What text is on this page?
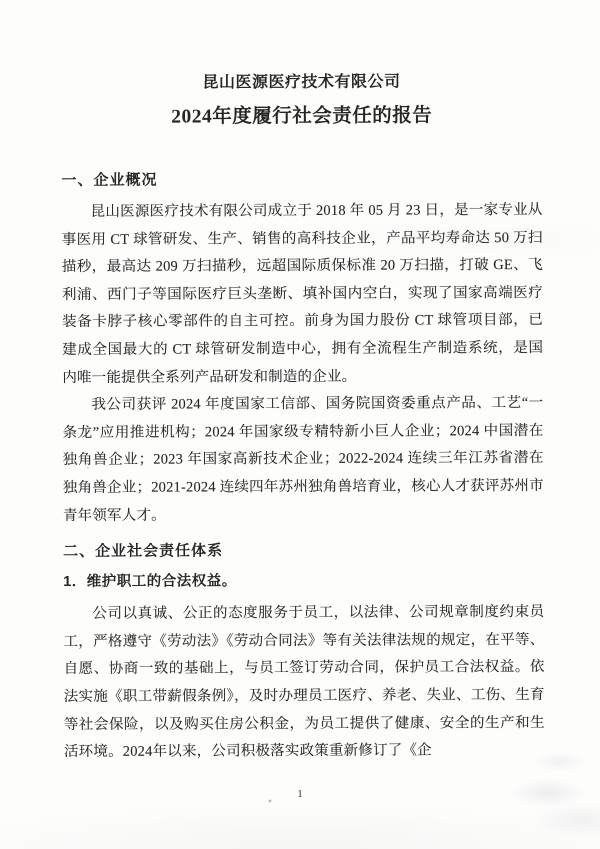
昆山医源医疗技术有限公司
2024年度履行社会责任的报告
一、企业概况

昆山医源医疗技术有限公司成立于 2018 年 05 月 23 日，是一家专业从事医用 CT 球管研发、生产、销售的高科技企业，产品平均寿命达 50 万扫描秒，最高达 209 万扫描秒，远超国际质保标准 20 万扫描，打破 GE、飞利浦、西门子等国际医疗巨头垄断、填补国内空白，实现了国家高端医疗装备卡脖子核心零部件的自主可控。前身为国力股份 CT 球管项目部，已建成全国最大的 CT 球管研发制造中心，拥有全流程生产制造系统，是国内唯一能提供全系列产品研发和制造的企业。

我公司获评 2024 年度国家工信部、国务院国资委重点产品、工艺“一条龙”应用推进机构；2024 年国家级专精特新小巨人企业；2024 中国潜在独角兽企业；2023 年国家高新技术企业；2022-2024 连续三年江苏省潜在独角兽企业；2021-2024 连续四年苏州独角兽培育业，核心人才获评苏州市青年领军人才。

二、企业社会责任体系
1．维护职工的合法权益。

公司以真诚、公正的态度服务于员工，以法律、公司规章制度约束员工，严格遵守《劳动法》《劳动合同法》等有关法律法规的规定，在平等、自愿、协商一致的基础上，与员工签订劳动合同，保护员工合法权益。依法实施《职工带薪假条例》，及时办理员工医疗、养老、失业、工伤、生育等社会保险，以及购买住房公积金，为员工提供了健康、安全的生产和生活环境。2024年以来，公司积极落实政策重新修订了《企

1
